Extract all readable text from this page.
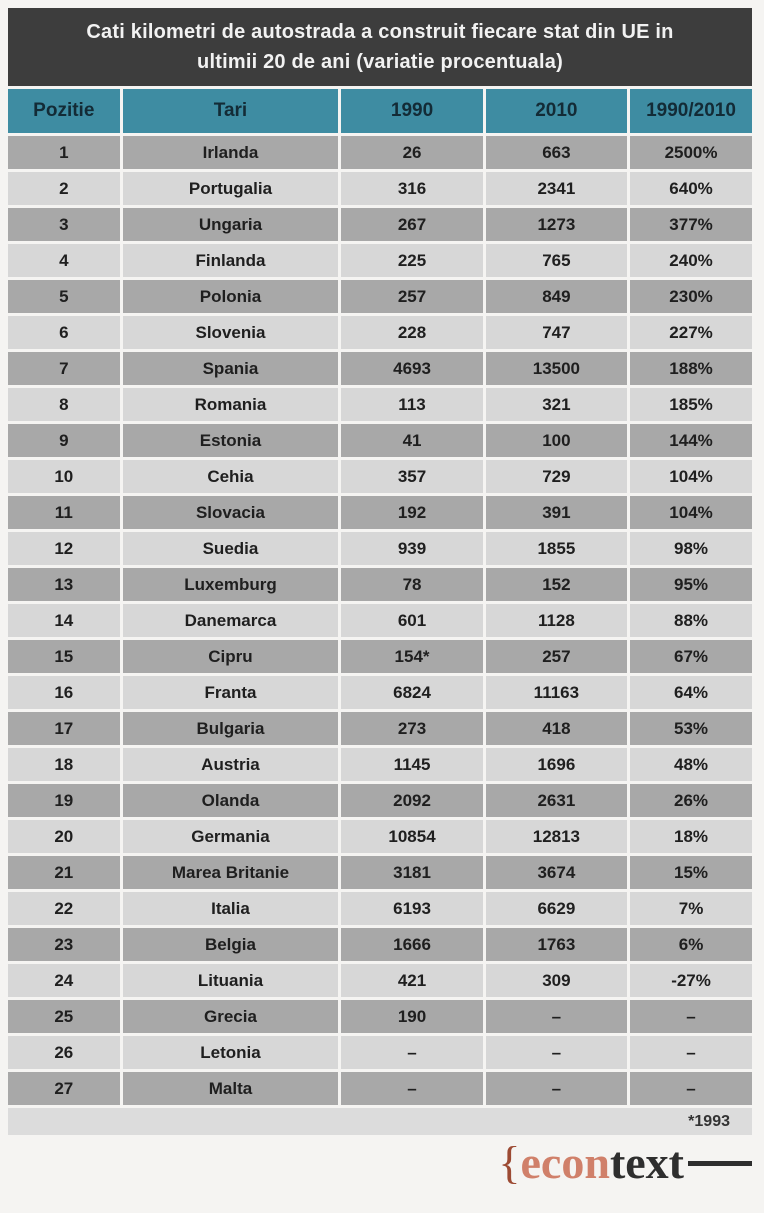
Cati kilometri de autostrada a construit fiecare stat din UE in
ultimii 20 de ani (variatie procentuala)
Pozitie	Tari	1990	2010	1990/2010
1	Irlanda	26	663	2500%
2	Portugalia	316	2341	640%
3	Ungaria	267	1273	377%
4	Finlanda	225	765	240%
5	Polonia	257	849	230%
6	Slovenia	228	747	227%
7	Spania	4693	13500	188%
8	Romania	113	321	185%
9	Estonia	41	100	144%
10	Cehia	357	729	104%
11	Slovacia	192	391	104%
12	Suedia	939	1855	98%
13	Luxemburg	78	152	95%
14	Danemarca	601	1128	88%
15	Cipru	154*	257	67%
16	Franta	6824	11163	64%
17	Bulgaria	273	418	53%
18	Austria	1145	1696	48%
19	Olanda	2092	2631	26%
20	Germania	10854	12813	18%
21	Marea Britanie	3181	3674	15%
22	Italia	6193	6629	7%
23	Belgia	1666	1763	6%
24	Lituania	421	309	-27%
25	Grecia	190	–	–
26	Letonia	–	–	–
27	Malta	–	–	–
*1993
{ econ text
